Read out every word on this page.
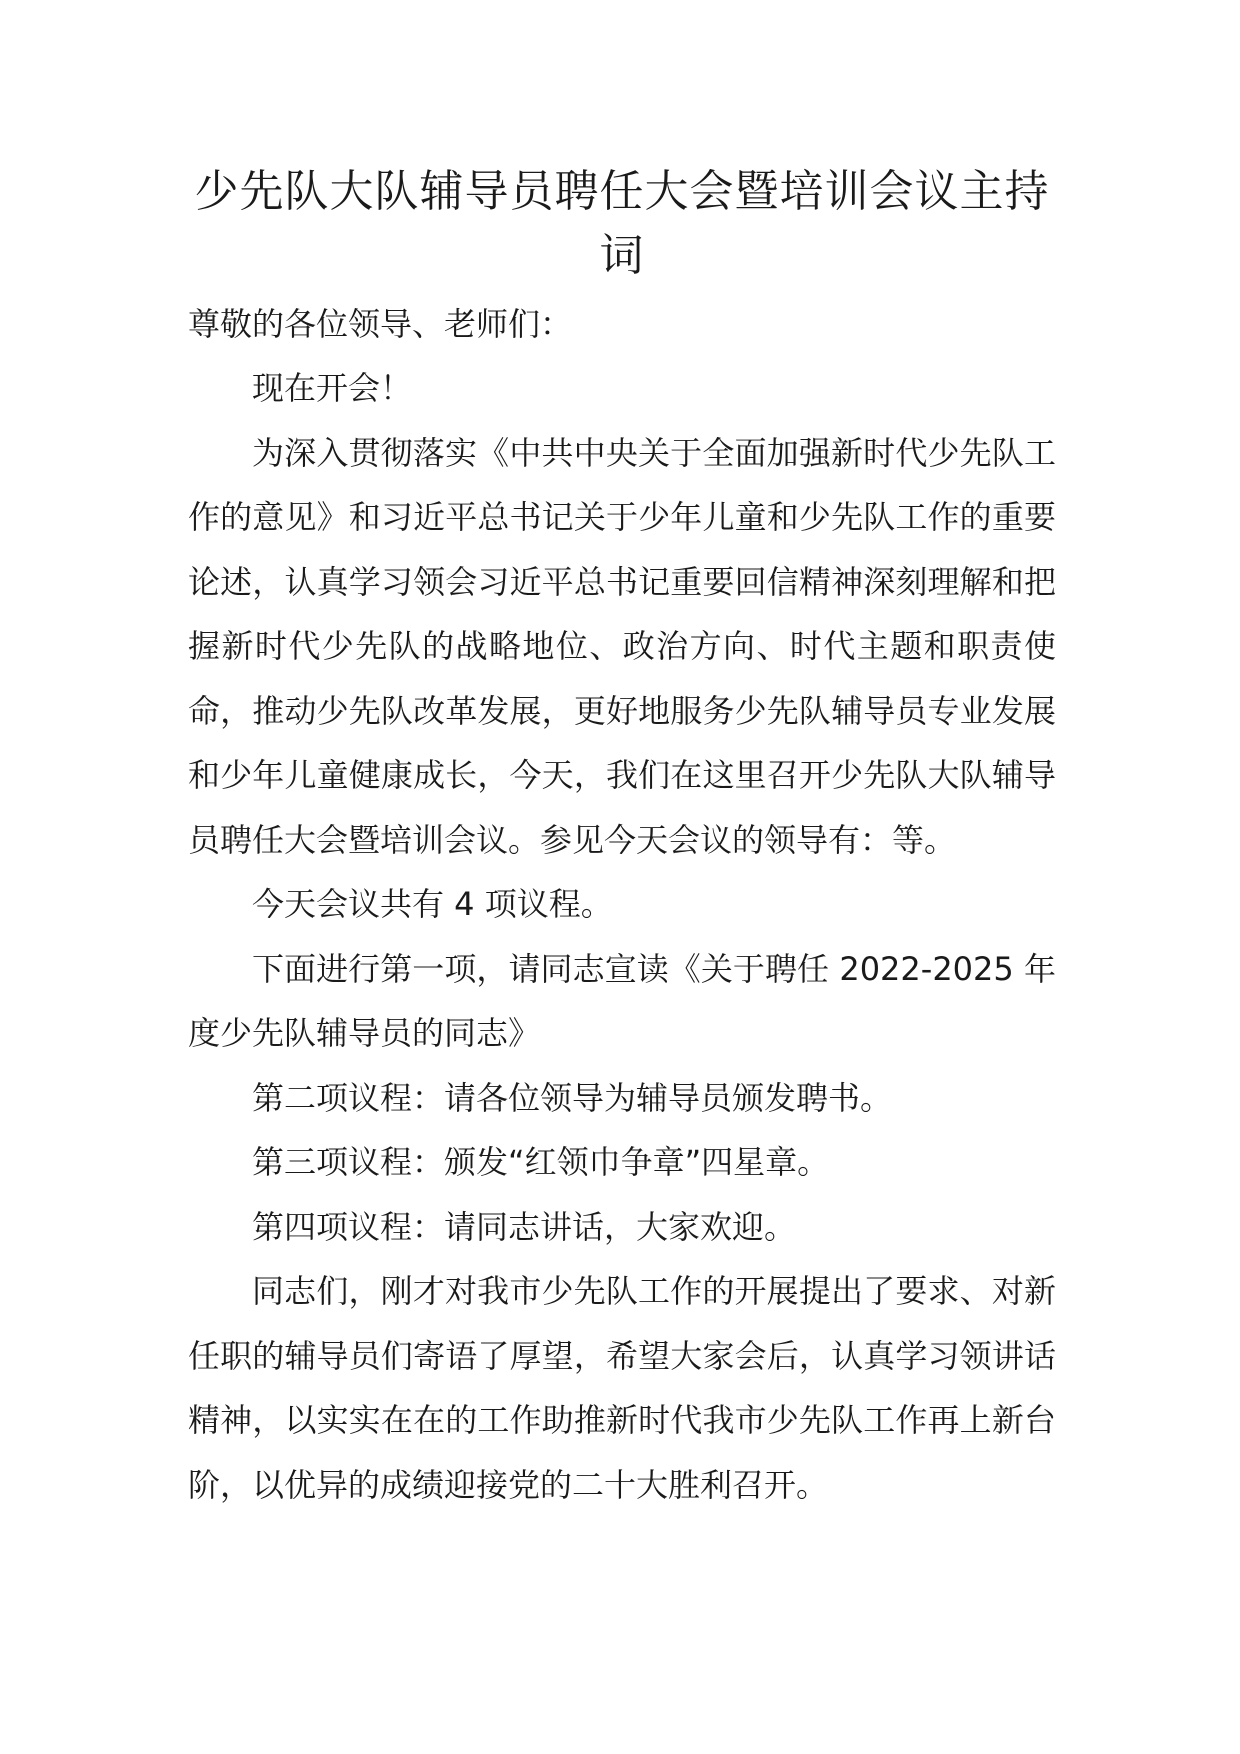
少先队大队辅导员聘任大会暨培训会议主持词

尊敬的各位领导、老师们：

现在开会！

为深入贯彻落实《中共中央关于全面加强新时代少先队工作的意见》和习近平总书记关于少年儿童和少先队工作的重要论述，认真学习领会习近平总书记重要回信精神深刻理解和把握新时代少先队的战略地位、政治方向、时代主题和职责使命，推动少先队改革发展，更好地服务少先队辅导员专业发展和少年儿童健康成长，今天，我们在这里召开少先队大队辅导员聘任大会暨培训会议。参见今天会议的领导有：等。

今天会议共有 4 项议程。

下面进行第一项，请同志宣读《关于聘任 2022-2025 年度少先队辅导员的同志》

第二项议程：请各位领导为辅导员颁发聘书。

第三项议程：颁发“红领巾争章”四星章。

第四项议程：请同志讲话，大家欢迎。

同志们，刚才对我市少先队工作的开展提出了要求、对新任职的辅导员们寄语了厚望，希望大家会后，认真学习领讲话精神，以实实在在的工作助推新时代我市少先队工作再上新台阶，以优异的成绩迎接党的二十大胜利召开。
